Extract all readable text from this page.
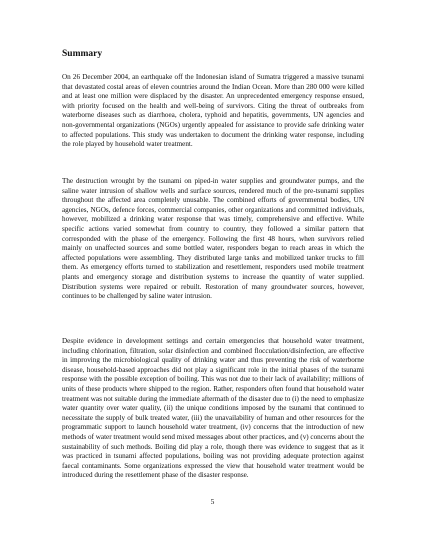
Summary

On 26 December 2004, an earthquake off the Indonesian island of Sumatra triggered a massive tsunami that devastated costal areas of eleven countries around the Indian Ocean. More than 280 000 were killed and at least one million were displaced by the disaster. An unprecedented emergency response ensued, with priority focused on the health and well-being of survivors. Citing the threat of outbreaks from waterborne diseases such as diarrhoea, cholera, typhoid and hepatitis, governments, UN agencies and non-governmental organizations (NGOs) urgently appealed for assistance to provide safe drinking water to affected populations. This study was undertaken to document the drinking water response, including the role played by household water treatment.

The destruction wrought by the tsunami on piped-in water supplies and groundwater pumps, and the saline water intrusion of shallow wells and surface sources, rendered much of the pre-tsunami supplies throughout the affected area completely unusable. The combined efforts of governmental bodies, UN agencies, NGOs, defence forces, commercial companies, other organizations and committed individuals, however, mobilized a drinking water response that was timely, comprehensive and effective. While specific actions varied somewhat from country to country, they followed a similar pattern that corresponded with the phase of the emergency. Following the first 48 hours, when survivors relied mainly on unaffected sources and some bottled water, responders began to reach areas in which the affected populations were assembling. They distributed large tanks and mobilized tanker trucks to fill them. As emergency efforts turned to stabilization and resettlement, responders used mobile treatment plants and emergency storage and distribution systems to increase the quantity of water supplied. Distribution systems were repaired or rebuilt. Restoration of many groundwater sources, however, continues to be challenged by saline water intrusion.

Despite evidence in development settings and certain emergencies that household water treatment, including chlorination, filtration, solar disinfection and combined flocculation/disinfection, are effective in improving the microbiological quality of drinking water and thus preventing the risk of waterborne disease, household-based approaches did not play a significant role in the initial phases of the tsunami response with the possible exception of boiling. This was not due to their lack of availability; millions of units of these products where shipped to the region. Rather, responders often found that household water treatment was not suitable during the immediate aftermath of the disaster due to (i) the need to emphasize water quantity over water quality, (ii) the unique conditions imposed by the tsunami that continued to necessitate the supply of bulk treated water, (iii) the unavailability of human and other resources for the programmatic support to launch household water treatment, (iv) concerns that the introduction of new methods of water treatment would send mixed messages about other practices, and (v) concerns about the sustainability of such methods. Boiling did play a role, though there was evidence to suggest that as it was practiced in tsunami affected populations, boiling was not providing adequate protection against faecal contaminants. Some organizations expressed the view that household water treatment would be introduced during the resettlement phase of the disaster response.

5
